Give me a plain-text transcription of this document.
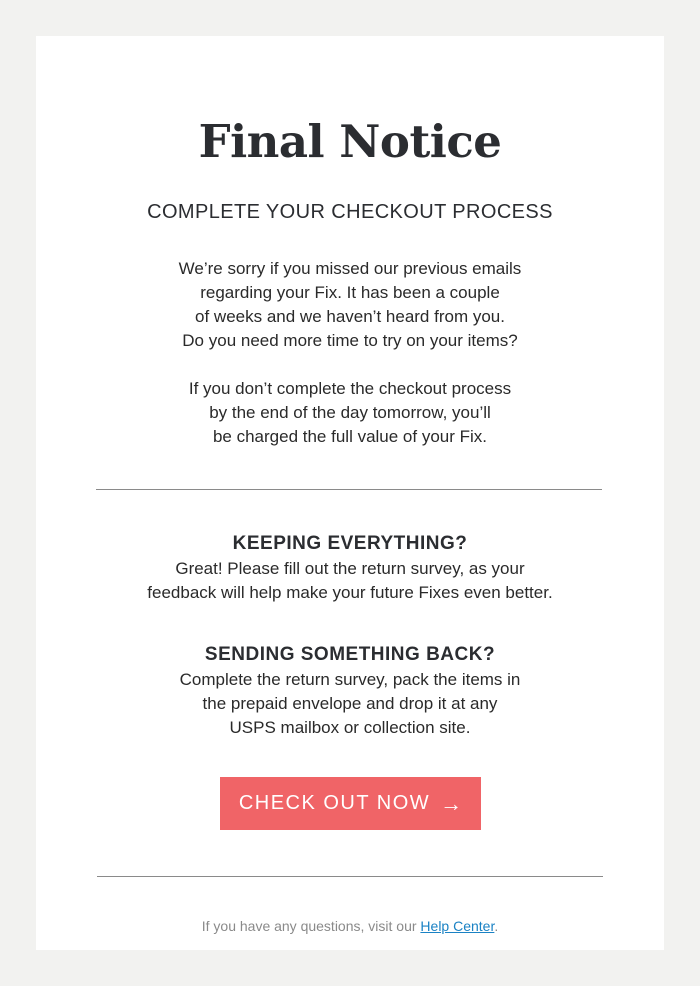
Final Notice
COMPLETE YOUR CHECKOUT PROCESS

We’re sorry if you missed our previous emails
regarding your Fix. It has been a couple
of weeks and we haven’t heard from you.
Do you need more time to try on your items?

If you don’t complete the checkout process
by the end of the day tomorrow, you’ll
be charged the full value of your Fix.

KEEPING EVERYTHING?

Great! Please fill out the return survey, as your
feedback will help make your future Fixes even better.

SENDING SOMETHING BACK?

Complete the return survey, pack the items in
the prepaid envelope and drop it at any
USPS mailbox or collection site.

CHECK OUT NOW →

If you have any questions, visit our Help Center.
